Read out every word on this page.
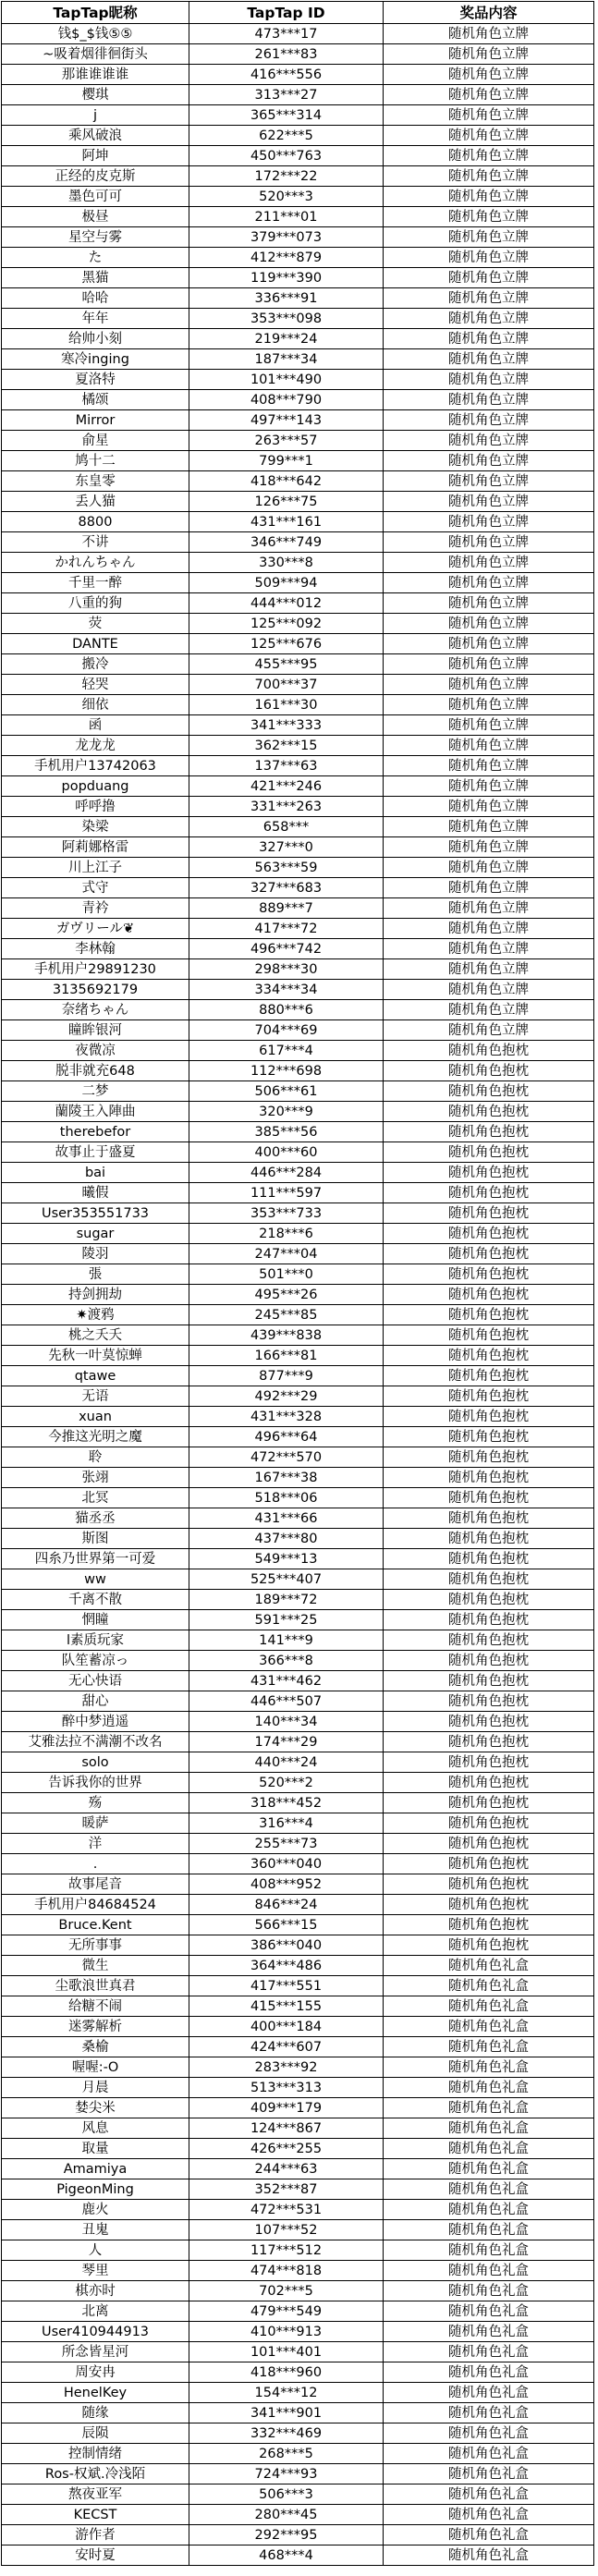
TapTap昵称	TapTap ID	奖品内容
钱$_$钱⑤⑤	473***17	随机角色立牌
~吸着烟徘徊街头	261***83	随机角色立牌
那谁谁谁谁	416***556	随机角色立牌
樱琪	313***27	随机角色立牌
j	365***314	随机角色立牌
乘风破浪	622***5	随机角色立牌
阿坤	450***763	随机角色立牌
正经的皮克斯	172***22	随机角色立牌
墨色可可	520***3	随机角色立牌
极昼	211***01	随机角色立牌
星空与雾	379***073	随机角色立牌
た	412***879	随机角色立牌
黑猫	119***390	随机角色立牌
哈哈	336***91	随机角色立牌
年年	353***098	随机角色立牌
给帅小刻	219***24	随机角色立牌
寒冷inging	187***34	随机角色立牌
夏洛特	101***490	随机角色立牌
橘颂	408***790	随机角色立牌
Mirror	497***143	随机角色立牌
俞星	263***57	随机角色立牌
鸠十二	799***1	随机角色立牌
东皇零	418***642	随机角色立牌
丢人猫	126***75	随机角色立牌
8800	431***161	随机角色立牌
不讲	346***749	随机角色立牌
かれんちゃん	330***8	随机角色立牌
千里一醉	509***94	随机角色立牌
八重的狗	444***012	随机角色立牌
荧	125***092	随机角色立牌
DANTE	125***676	随机角色立牌
搬冷	455***95	随机角色立牌
轻哭	700***37	随机角色立牌
细依	161***30	随机角色立牌
函	341***333	随机角色立牌
龙龙龙	362***15	随机角色立牌
手机用户13742063	137***63	随机角色立牌
popduang	421***246	随机角色立牌
呼呼撸	331***263	随机角色立牌
染梁	658***	随机角色立牌
阿莉娜格雷	327***0	随机角色立牌
川上江子	563***59	随机角色立牌
式守	327***683	随机角色立牌
青衿	889***7	随机角色立牌
ガヴリール❦	417***72	随机角色立牌
李林翰	496***742	随机角色立牌
手机用户29891230	298***30	随机角色立牌
3135692179	334***34	随机角色立牌
奈绪ちゃん	880***6	随机角色立牌
瞳眸银河	704***69	随机角色立牌
夜微凉	617***4	随机角色抱枕
脱非就充648	112***698	随机角色抱枕
二梦	506***61	随机角色抱枕
蘭陵王入陣曲	320***9	随机角色抱枕
therebefor	385***56	随机角色抱枕
故事止于盛夏	400***60	随机角色抱枕
bai	446***284	随机角色抱枕
曦假	111***597	随机角色抱枕
User353551733	353***733	随机角色抱枕
sugar	218***6	随机角色抱枕
陵羽	247***04	随机角色抱枕
張	501***0	随机角色抱枕
持剑拥劫	495***26	随机角色抱枕
✷渡鸦	245***85	随机角色抱枕
桃之夭夭	439***838	随机角色抱枕
先秋一叶莫惊蝉	166***81	随机角色抱枕
qtawe	877***9	随机角色抱枕
无语	492***29	随机角色抱枕
xuan	431***328	随机角色抱枕
今推这光明之魔	496***64	随机角色抱枕
聆	472***570	随机角色抱枕
张翊	167***38	随机角色抱枕
北冥	518***06	随机角色抱枕
猫丞丞	431***66	随机角色抱枕
斯图	437***80	随机角色抱枕
四糸乃世界第一可爱	549***13	随机角色抱枕
ww	525***407	随机角色抱枕
千离不散	189***72	随机角色抱枕
惘瞳	591***25	随机角色抱枕
l素质玩家	141***9	随机角色抱枕
队笙蓄凉っ	366***8	随机角色抱枕
无心快语	431***462	随机角色抱枕
甜心	446***507	随机角色抱枕
醉中梦逍遥	140***34	随机角色抱枕
艾雅法拉不满潮不改名	174***29	随机角色抱枕
solo	440***24	随机角色抱枕
告诉我你的世界	520***2	随机角色抱枕
殇	318***452	随机角色抱枕
暖萨	316***4	随机角色抱枕
洋	255***73	随机角色抱枕
.	360***040	随机角色抱枕
故事尾音	408***952	随机角色抱枕
手机用户84684524	846***24	随机角色抱枕
Bruce.Kent	566***15	随机角色抱枕
无所事事	386***040	随机角色抱枕
微生	364***486	随机角色礼盒
尘歌浪世真君	417***551	随机角色礼盒
给糖不闹	415***155	随机角色礼盒
迷雾解析	400***184	随机角色礼盒
桑榆	424***607	随机角色礼盒
喔喔:-O	283***92	随机角色礼盒
月晨	513***313	随机角色礼盒
婪尖米	409***179	随机角色礼盒
风息	124***867	随机角色礼盒
取量	426***255	随机角色礼盒
Amamiya	244***63	随机角色礼盒
PigeonMing	352***87	随机角色礼盒
鹿火	472***531	随机角色礼盒
丑鬼	107***52	随机角色礼盒
人	117***512	随机角色礼盒
琴里	474***818	随机角色礼盒
棋亦时	702***5	随机角色礼盒
北离	479***549	随机角色礼盒
User410944913	410***913	随机角色礼盒
所念皆星河	101***401	随机角色礼盒
周安冉	418***960	随机角色礼盒
HenelKey	154***12	随机角色礼盒
随缘	341***901	随机角色礼盒
辰陨	332***469	随机角色礼盒
控制情绪	268***5	随机角色礼盒
Ros-权斌.冷浅陌	724***93	随机角色礼盒
熬夜亚军	506***3	随机角色礼盒
KECST	280***45	随机角色礼盒
游作者	292***95	随机角色礼盒
安时夏	468***4	随机角色礼盒
